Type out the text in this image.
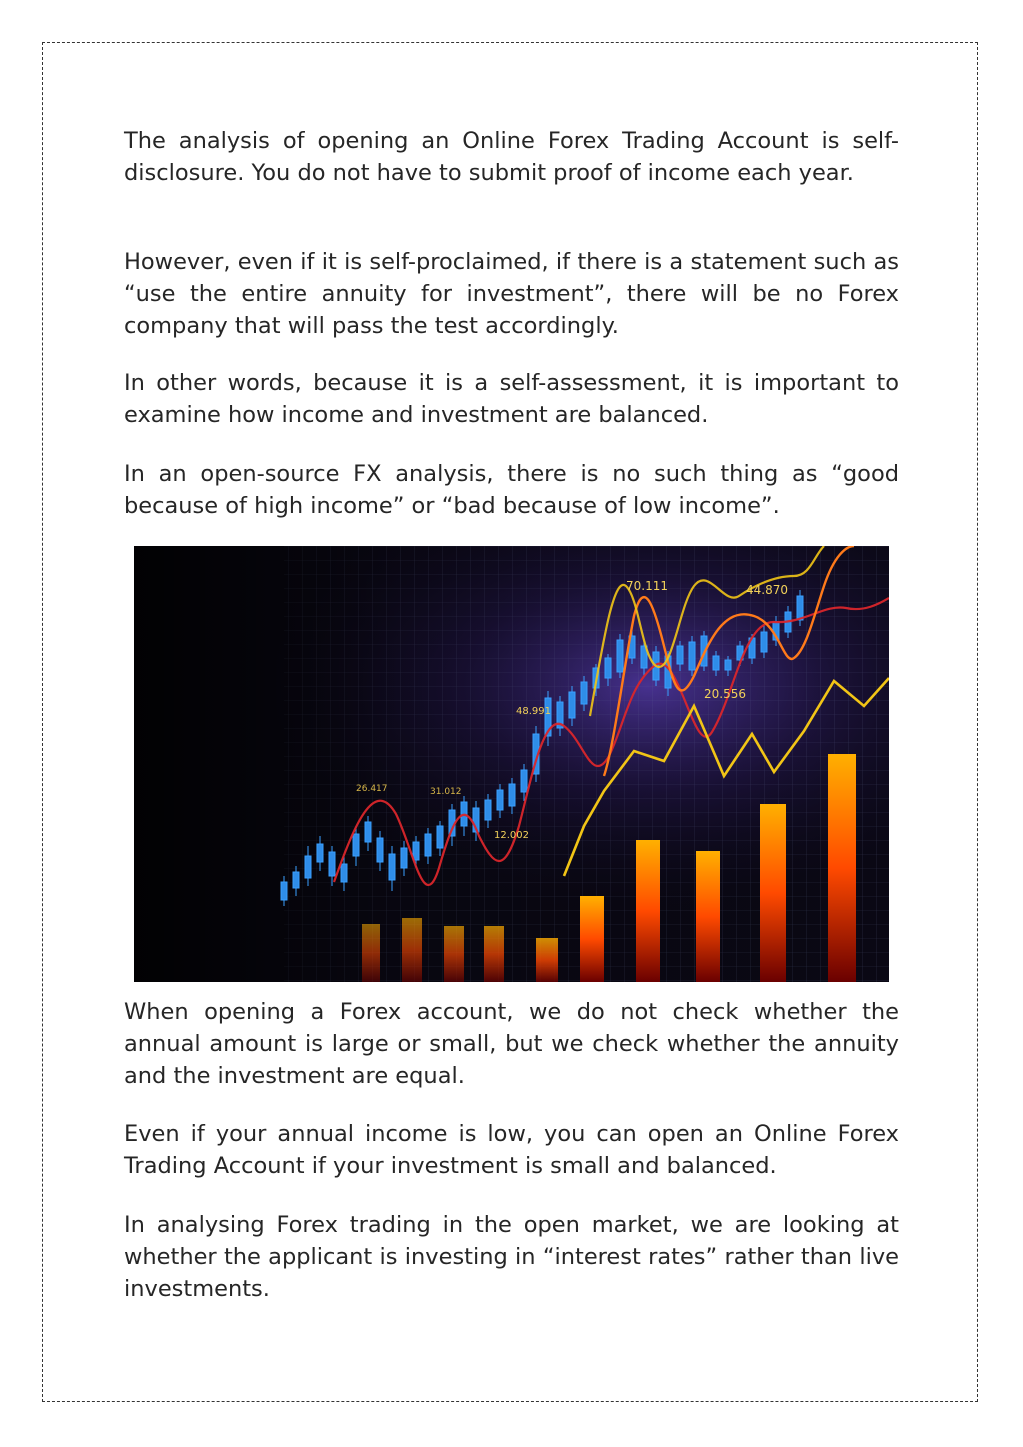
The analysis of opening an Online Forex Trading Account is self-disclosure. You do not have to submit proof of income each year.

However, even if it is self-proclaimed, if there is a statement such as “use the entire annuity for investment”, there will be no Forex company that will pass the test accordingly.

In other words, because it is a self-assessment, it is important to examine how income and investment are balanced.

In an open-source FX analysis, there is no such thing as “good because of high income” or “bad because of low income”.

70.111	44.870
48.991
20.556
26.417	31.012
12.002

When opening a Forex account, we do not check whether the annual amount is large or small, but we check whether the annuity and the investment are equal.

Even if your annual income is low, you can open an Online Forex Trading Account if your investment is small and balanced.

In analysing Forex trading in the open market, we are looking at whether the applicant is investing in “interest rates” rather than live investments.
